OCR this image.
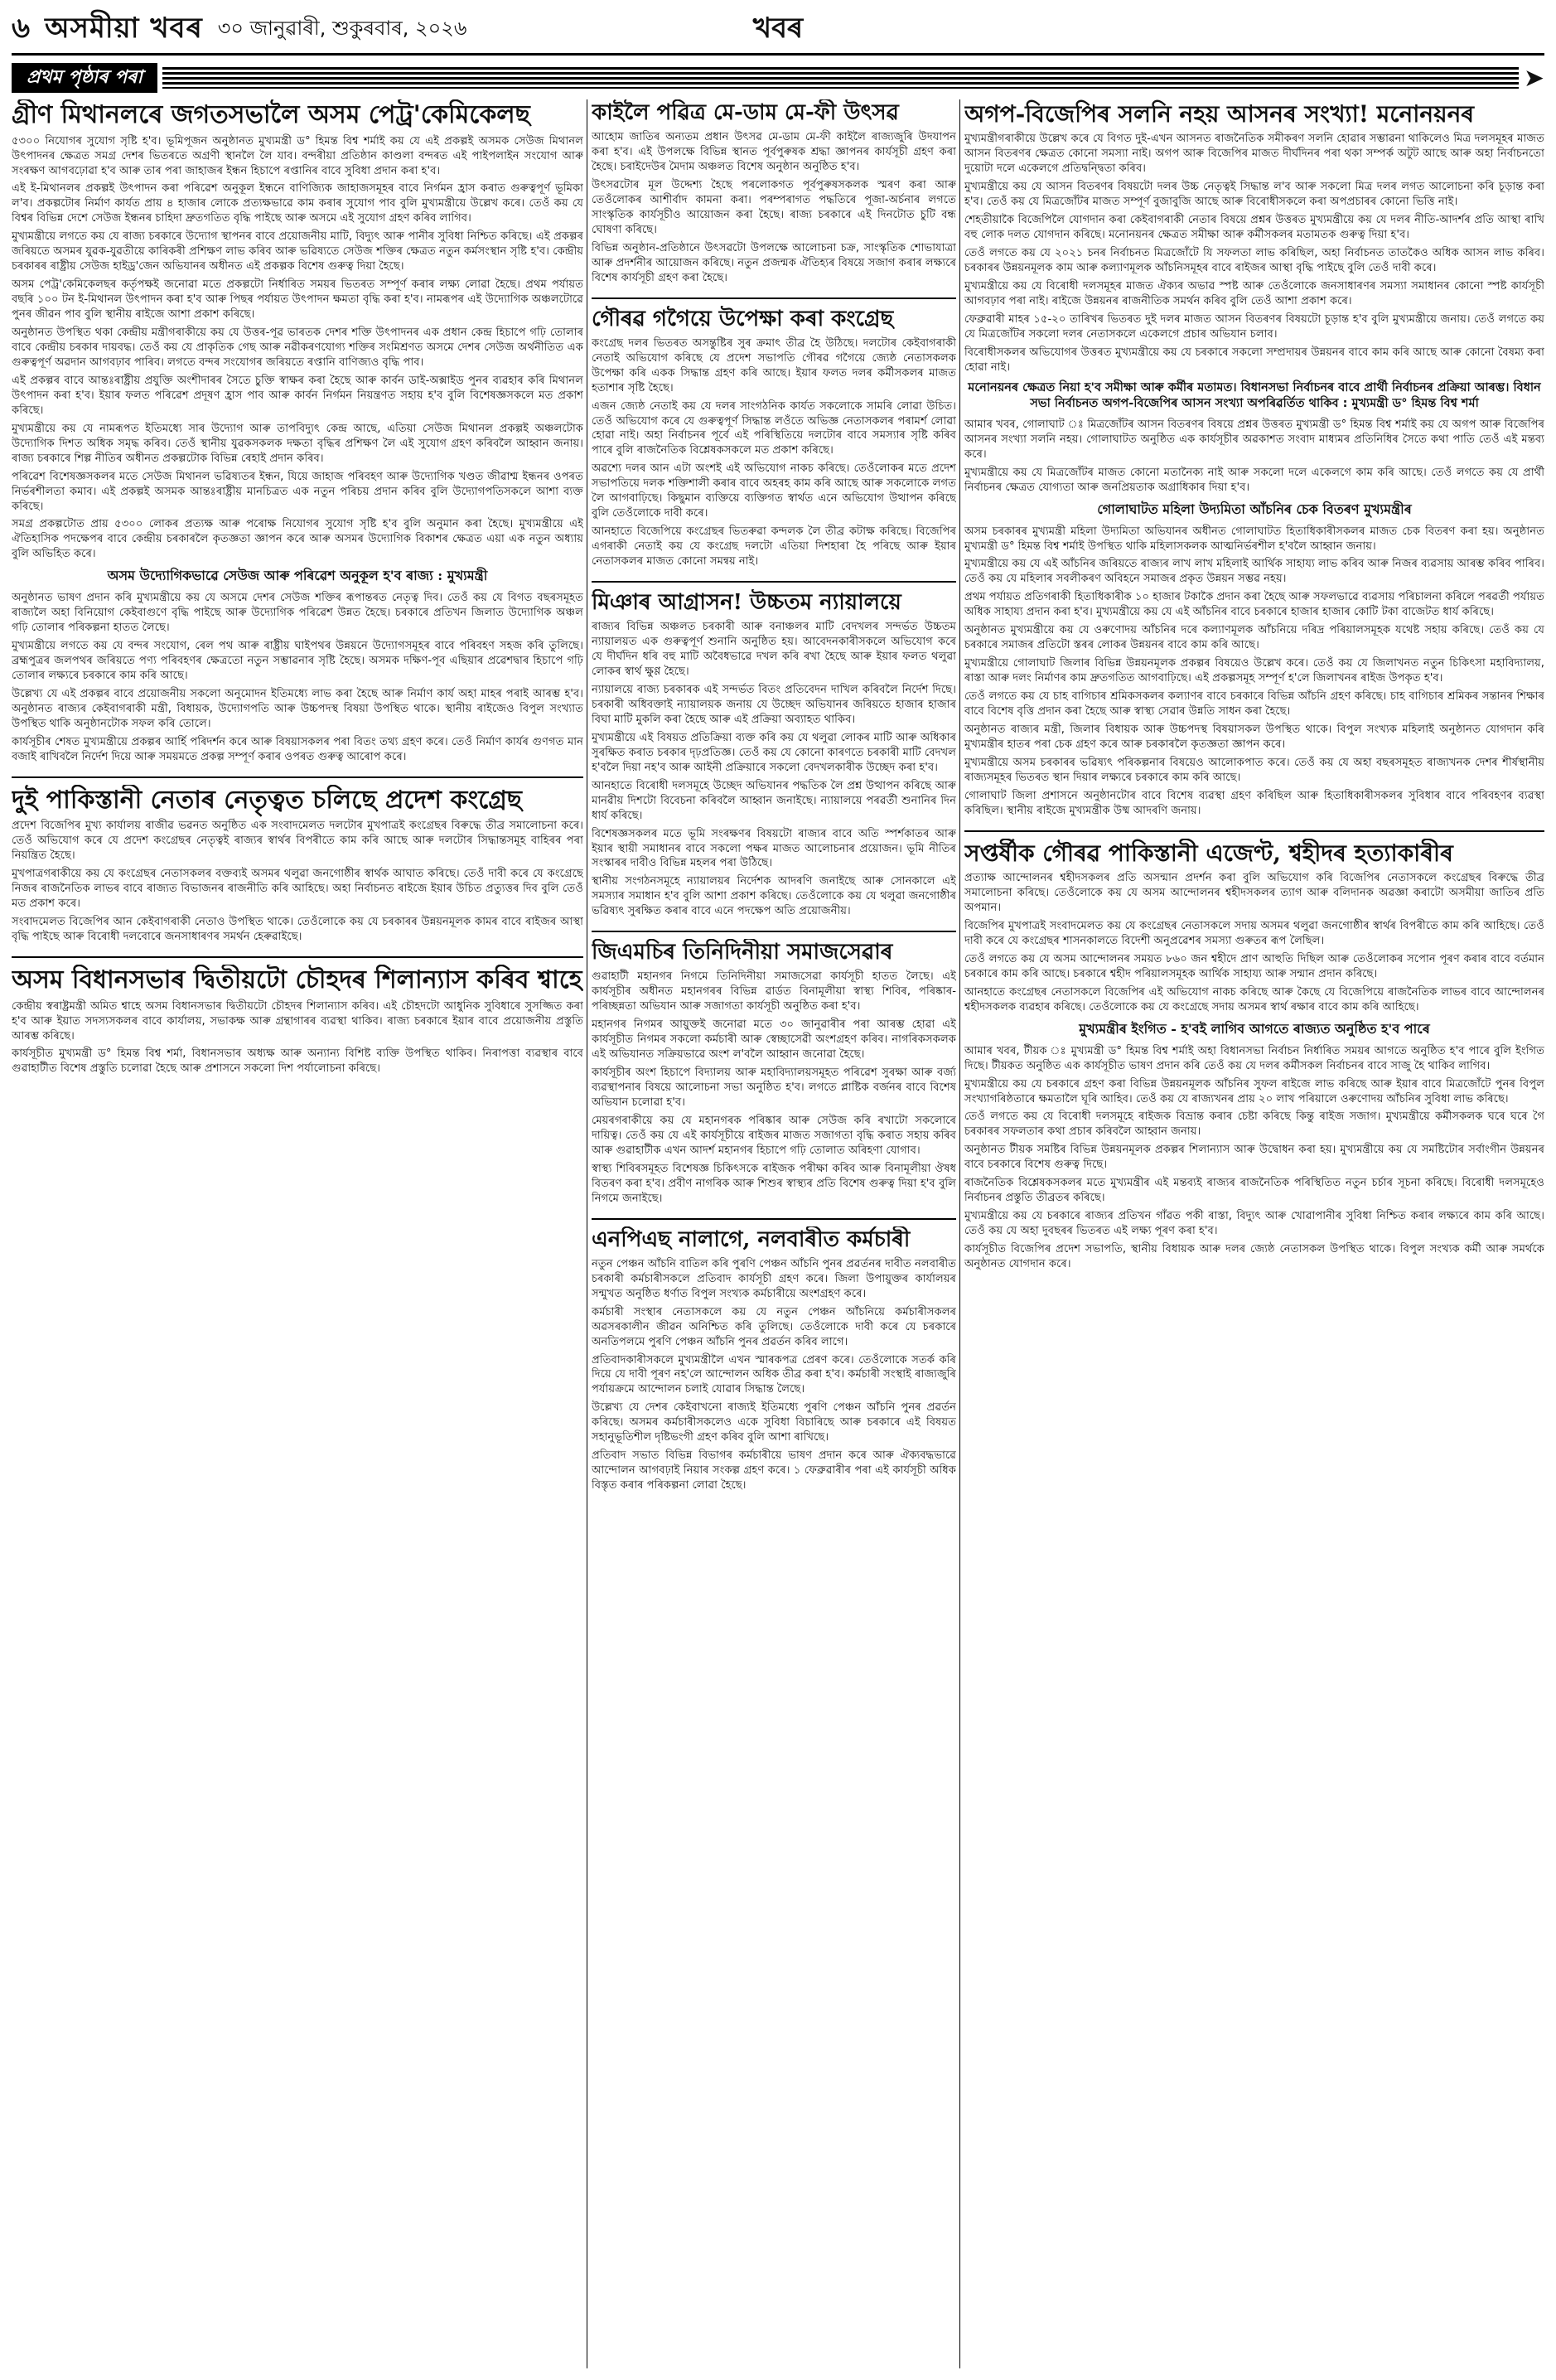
৬ অসমীয়া খবৰ ৩০ জানুৱাৰী, শুকুৰবাৰ, ২০২৬	খবৰ
প্ৰথম পৃষ্ঠাৰ পৰা	➤
গ্ৰীণ মিথানলৰে জগতসভালৈ অসম পেট্ৰ'কেমিকেলছ

৫৩০০ নিযোগৰ সুযোগ সৃষ্টি হ'ব। ভূমিপূজন অনুষ্ঠানত মুখ্যমন্ত্ৰী ড° হিমন্ত বিশ্ব শৰ্মাই কয় যে এই প্ৰকল্পই অসমক সেউজ মিথানল উৎপাদনৰ ক্ষেত্ৰত সমগ্ৰ দেশৰ ভিতৰতে অগ্ৰণী স্থানলৈ লৈ যাব। বন্দৰীয়া প্ৰতিষ্ঠান কাণ্ডলা বন্দৰত এই পাইপলাইন সংযোগ আৰু সংৰক্ষণ আগবঢ়োৱা হ'ব আৰু তাৰ পৰা জাহাজৰ ইন্ধন হিচাপে ৰপ্তানিৰ বাবে সুবিধা প্ৰদান কৰা হ'ব।

এই ই-মিথানলৰ প্ৰকল্পই উৎপাদন কৰা পৰিৱেশ অনুকূল ইন্ধনে বাণিজ্যিক জাহাজসমূহৰ বাবে নিৰ্গমন হ্ৰাস কৰাত গুৰুত্বপূৰ্ণ ভূমিকা ল'ব। প্ৰকল্পটোৰ নিৰ্মাণ কাৰ্যত প্ৰায় ৪ হাজাৰ লোকে প্ৰত্যক্ষভাৱে কাম কৰাৰ সুযোগ পাব বুলি মুখ্যমন্ত্ৰীয়ে উল্লেখ কৰে। তেওঁ কয় যে বিশ্বৰ বিভিন্ন দেশে সেউজ ইন্ধনৰ চাহিদা দ্ৰুতগতিত বৃদ্ধি পাইছে আৰু অসমে এই সুযোগ গ্ৰহণ কৰিব লাগিব।

মুখ্যমন্ত্ৰীয়ে লগতে কয় যে ৰাজ্য চৰকাৰে উদ্যোগ স্থাপনৰ বাবে প্ৰয়োজনীয় মাটি, বিদ্যুৎ আৰু পানীৰ সুবিধা নিশ্চিত কৰিছে। এই প্ৰকল্পৰ জৰিয়তে অসমৰ যুৱক-যুৱতীয়ে কাৰিকৰী প্ৰশিক্ষণ লাভ কৰিব আৰু ভৱিষ্যতে সেউজ শক্তিৰ ক্ষেত্ৰত নতুন কৰ্মসংস্থান সৃষ্টি হ'ব। কেন্দ্ৰীয় চৰকাৰৰ ৰাষ্ট্ৰীয় সেউজ হাইড্ৰ'জেন অভিযানৰ অধীনত এই প্ৰকল্পক বিশেষ গুৰুত্ব দিয়া হৈছে।

অসম পেট্ৰ'কেমিকেলছৰ কৰ্তৃপক্ষই জনোৱা মতে প্ৰকল্পটো নিৰ্ধাৰিত সময়ৰ ভিতৰত সম্পূৰ্ণ কৰাৰ লক্ষ্য লোৱা হৈছে। প্ৰথম পৰ্যায়ত বছৰি ১০০ টন ই-মিথানল উৎপাদন কৰা হ'ব আৰু পিছৰ পৰ্যায়ত উৎপাদন ক্ষমতা বৃদ্ধি কৰা হ'ব। নামৰূপৰ এই উদ্যোগিক অঞ্চলটোৱে পুনৰ জীৱন পাব বুলি স্থানীয় ৰাইজে আশা প্ৰকাশ কৰিছে।

অনুষ্ঠানত উপস্থিত থকা কেন্দ্ৰীয় মন্ত্ৰীগৰাকীয়ে কয় যে উত্তৰ-পূৱ ভাৰতক দেশৰ শক্তি উৎপাদনৰ এক প্ৰধান কেন্দ্ৰ হিচাপে গঢ়ি তোলাৰ বাবে কেন্দ্ৰীয় চৰকাৰ দায়বদ্ধ। তেওঁ কয় যে প্ৰাকৃতিক গেছ আৰু নৱীকৰণযোগ্য শক্তিৰ সংমিশ্ৰণত অসমে দেশৰ সেউজ অৰ্থনীতিত এক গুৰুত্বপূৰ্ণ অৱদান আগবঢ়াব পাৰিব। লগতে বন্দৰ সংযোগৰ জৰিয়তে ৰপ্তানি বাণিজ্যও বৃদ্ধি পাব।

এই প্ৰকল্পৰ বাবে আন্তঃৰাষ্ট্ৰীয় প্ৰযুক্তি অংশীদাৰৰ সৈতে চুক্তি স্বাক্ষৰ কৰা হৈছে আৰু কাৰ্বন ডাই-অক্সাইড পুনৰ ব্যৱহাৰ কৰি মিথানল উৎপাদন কৰা হ'ব। ইয়াৰ ফলত পৰিৱেশ প্ৰদূষণ হ্ৰাস পাব আৰু কাৰ্বন নিৰ্গমন নিয়ন্ত্ৰণত সহায় হ'ব বুলি বিশেষজ্ঞসকলে মত প্ৰকাশ কৰিছে।

মুখ্যমন্ত্ৰীয়ে কয় যে নামৰূপত ইতিমধ্যে সাৰ উদ্যোগ আৰু তাপবিদ্যুৎ কেন্দ্ৰ আছে, এতিয়া সেউজ মিথানল প্ৰকল্পই অঞ্চলটোক উদ্যোগিক দিশত অধিক সমৃদ্ধ কৰিব। তেওঁ স্থানীয় যুৱকসকলক দক্ষতা বৃদ্ধিৰ প্ৰশিক্ষণ লৈ এই সুযোগ গ্ৰহণ কৰিবলৈ আহ্বান জনায়। ৰাজ্য চৰকাৰে শিল্প নীতিৰ অধীনত প্ৰকল্পটোক বিভিন্ন ৰেহাই প্ৰদান কৰিব।

পৰিৱেশ বিশেষজ্ঞসকলৰ মতে সেউজ মিথানল ভৱিষ্যতৰ ইন্ধন, যিয়ে জাহাজ পৰিবহণ আৰু উদ্যোগিক খণ্ডত জীৱাশ্ম ইন্ধনৰ ওপৰত নিৰ্ভৰশীলতা কমাব। এই প্ৰকল্পই অসমক আন্তঃৰাষ্ট্ৰীয় মানচিত্ৰত এক নতুন পৰিচয় প্ৰদান কৰিব বুলি উদ্যোগপতিসকলে আশা ব্যক্ত কৰিছে।

সমগ্ৰ প্ৰকল্পটোত প্ৰায় ৫৩০০ লোকৰ প্ৰত্যক্ষ আৰু পৰোক্ষ নিযোগৰ সুযোগ সৃষ্টি হ'ব বুলি অনুমান কৰা হৈছে। মুখ্যমন্ত্ৰীয়ে এই ঐতিহাসিক পদক্ষেপৰ বাবে কেন্দ্ৰীয় চৰকাৰলৈ কৃতজ্ঞতা জ্ঞাপন কৰে আৰু অসমৰ উদ্যোগিক বিকাশৰ ক্ষেত্ৰত এয়া এক নতুন অধ্যায় বুলি অভিহিত কৰে।

অসম উদ্যোগিকভাৱে সেউজ আৰু পৰিৱেশ অনুকূল হ'ব ৰাজ্য : মুখ্যমন্ত্ৰী

অনুষ্ঠানত ভাষণ প্ৰদান কৰি মুখ্যমন্ত্ৰীয়ে কয় যে অসমে দেশৰ সেউজ শক্তিৰ ৰূপান্তৰত নেতৃত্ব দিব। তেওঁ কয় যে বিগত বছৰসমূহত ৰাজ্যলৈ অহা বিনিয়োগ কেইবাগুণে বৃদ্ধি পাইছে আৰু উদ্যোগিক পৰিৱেশ উন্নত হৈছে। চৰকাৰে প্ৰতিখন জিলাত উদ্যোগিক অঞ্চল গঢ়ি তোলাৰ পৰিকল্পনা হাতত লৈছে।

মুখ্যমন্ত্ৰীয়ে লগতে কয় যে বন্দৰ সংযোগ, ৰেল পথ আৰু ৰাষ্ট্ৰীয় ঘাইপথৰ উন্নয়নে উদ্যোগসমূহৰ বাবে পৰিবহণ সহজ কৰি তুলিছে। ব্ৰহ্মপুত্ৰৰ জলপথৰ জৰিয়তে পণ্য পৰিবহণৰ ক্ষেত্ৰতো নতুন সম্ভাৱনাৰ সৃষ্টি হৈছে। অসমক দক্ষিণ-পূব এছিয়াৰ প্ৰৱেশদ্বাৰ হিচাপে গঢ়ি তোলাৰ লক্ষ্যৰে চৰকাৰে কাম কৰি আছে।

উল্লেখ্য যে এই প্ৰকল্পৰ বাবে প্ৰয়োজনীয় সকলো অনুমোদন ইতিমধ্যে লাভ কৰা হৈছে আৰু নিৰ্মাণ কাৰ্য অহা মাহৰ পৰাই আৰম্ভ হ'ব। অনুষ্ঠানত ৰাজ্যৰ কেইবাগৰাকী মন্ত্ৰী, বিধায়ক, উদ্যোগপতি আৰু উচ্চপদস্থ বিষয়া উপস্থিত থাকে। স্থানীয় ৰাইজেও বিপুল সংখ্যাত উপস্থিত থাকি অনুষ্ঠানটোক সফল কৰি তোলে।

কাৰ্যসূচীৰ শেষত মুখ্যমন্ত্ৰীয়ে প্ৰকল্পৰ আৰ্হি পৰিদৰ্শন কৰে আৰু বিষয়াসকলৰ পৰা বিতং তথ্য গ্ৰহণ কৰে। তেওঁ নিৰ্মাণ কাৰ্যৰ গুণগত মান বজাই ৰাখিবলৈ নিৰ্দেশ দিয়ে আৰু সময়মতে প্ৰকল্প সম্পূৰ্ণ কৰাৰ ওপৰত গুৰুত্ব আৰোপ কৰে।

দুই পাকিস্তানী নেতাৰ নেতৃত্বত চলিছে প্ৰদেশ কংগ্ৰেছ

প্ৰদেশ বিজেপিৰ মুখ্য কাৰ্যালয় ৰাজীৱ ভৱনত অনুষ্ঠিত এক সংবাদমেলত দলটোৰ মুখপাত্ৰই কংগ্ৰেছৰ বিৰুদ্ধে তীব্ৰ সমালোচনা কৰে। তেওঁ অভিযোগ কৰে যে প্ৰদেশ কংগ্ৰেছৰ নেতৃত্বই ৰাজ্যৰ স্বাৰ্থৰ বিপৰীতে কাম কৰি আছে আৰু দলটোৰ সিদ্ধান্তসমূহ বাহিৰৰ পৰা নিয়ন্ত্ৰিত হৈছে।

মুখপাত্ৰগৰাকীয়ে কয় যে কংগ্ৰেছৰ নেতাসকলৰ বক্তব্যই অসমৰ থলুৱা জনগোষ্ঠীৰ স্বাৰ্থক আঘাত কৰিছে। তেওঁ দাবী কৰে যে কংগ্ৰেছে নিজৰ ৰাজনৈতিক লাভৰ বাবে ৰাজ্যত বিভাজনৰ ৰাজনীতি কৰি আহিছে। অহা নিৰ্বাচনত ৰাইজে ইয়াৰ উচিত প্ৰত্যুত্তৰ দিব বুলি তেওঁ মত প্ৰকাশ কৰে।

সংবাদমেলত বিজেপিৰ আন কেইবাগৰাকী নেতাও উপস্থিত থাকে। তেওঁলোকে কয় যে চৰকাৰৰ উন্নয়নমূলক কামৰ বাবে ৰাইজৰ আস্থা বৃদ্ধি পাইছে আৰু বিৰোধী দলবোৰে জনসাধাৰণৰ সমৰ্থন হেৰুৱাইছে।

অসম বিধানসভাৰ দ্বিতীয়টো চৌহদৰ শিলান্যাস কৰিব শ্বাহে

কেন্দ্ৰীয় স্বৰাষ্ট্ৰমন্ত্ৰী অমিত শ্বাহে অসম বিধানসভাৰ দ্বিতীয়টো চৌহদৰ শিলান্যাস কৰিব। এই চৌহদটো আধুনিক সুবিধাৰে সুসজ্জিত কৰা হ'ব আৰু ইয়াত সদস্যসকলৰ বাবে কাৰ্যালয়, সভাকক্ষ আৰু গ্ৰন্থাগাৰৰ ব্যৱস্থা থাকিব। ৰাজ্য চৰকাৰে ইয়াৰ বাবে প্ৰয়োজনীয় প্ৰস্তুতি আৰম্ভ কৰিছে।

কাৰ্যসূচীত মুখ্যমন্ত্ৰী ড° হিমন্ত বিশ্ব শৰ্মা, বিধানসভাৰ অধ্যক্ষ আৰু অন্যান্য বিশিষ্ট ব্যক্তি উপস্থিত থাকিব। নিৰাপত্তা ব্যৱস্থাৰ বাবে গুৱাহাটীত বিশেষ প্ৰস্তুতি চলোৱা হৈছে আৰু প্ৰশাসনে সকলো দিশ পৰ্যালোচনা কৰিছে।

কাইলৈ পৱিত্ৰ মে-ডাম মে-ফী উৎসৱ

আহোম জাতিৰ অন্যতম প্ৰধান উৎসৱ মে-ডাম মে-ফী কাইলৈ ৰাজ্যজুৰি উদযাপন কৰা হ'ব। এই উপলক্ষে বিভিন্ন স্থানত পূৰ্বপুৰুষক শ্ৰদ্ধা জ্ঞাপনৰ কাৰ্যসূচী গ্ৰহণ কৰা হৈছে। চৰাইদেউৰ মৈদাম অঞ্চলত বিশেষ অনুষ্ঠান অনুষ্ঠিত হ'ব।

উৎসৱটোৰ মূল উদ্দেশ্য হৈছে পৰলোকগত পূৰ্বপুৰুষসকলক স্মৰণ কৰা আৰু তেওঁলোকৰ আশীৰ্বাদ কামনা কৰা। পৰম্পৰাগত পদ্ধতিৰে পূজা-অৰ্চনাৰ লগতে সাংস্কৃতিক কাৰ্যসূচীও আয়োজন কৰা হৈছে। ৰাজ্য চৰকাৰে এই দিনটোত চুটি বন্ধ ঘোষণা কৰিছে।

বিভিন্ন অনুষ্ঠান-প্ৰতিষ্ঠানে উৎসৱটো উপলক্ষে আলোচনা চক্ৰ, সাংস্কৃতিক শোভাযাত্ৰা আৰু প্ৰদৰ্শনীৰ আয়োজন কৰিছে। নতুন প্ৰজন্মক ঐতিহ্যৰ বিষয়ে সজাগ কৰাৰ লক্ষ্যৰে বিশেষ কাৰ্যসূচী গ্ৰহণ কৰা হৈছে।

গৌৰৱ গগৈয়ে উপেক্ষা কৰা কংগ্ৰেছ

কংগ্ৰেছ দলৰ ভিতৰত অসন্তুষ্টিৰ সুৰ ক্ৰমাৎ তীব্ৰ হৈ উঠিছে। দলটোৰ কেইবাগৰাকী নেতাই অভিযোগ কৰিছে যে প্ৰদেশ সভাপতি গৌৰৱ গগৈয়ে জ্যেষ্ঠ নেতাসকলক উপেক্ষা কৰি একক সিদ্ধান্ত গ্ৰহণ কৰি আছে। ইয়াৰ ফলত দলৰ কৰ্মীসকলৰ মাজত হতাশাৰ সৃষ্টি হৈছে।

এজন জ্যেষ্ঠ নেতাই কয় যে দলৰ সাংগঠনিক কাৰ্যত সকলোকে সামৰি লোৱা উচিত। তেওঁ অভিযোগ কৰে যে গুৰুত্বপূৰ্ণ সিদ্ধান্ত লওঁতে অভিজ্ঞ নেতাসকলৰ পৰামৰ্শ লোৱা হোৱা নাই। অহা নিৰ্বাচনৰ পূৰ্বে এই পৰিস্থিতিয়ে দলটোৰ বাবে সমস্যাৰ সৃষ্টি কৰিব পাৰে বুলি ৰাজনৈতিক বিশ্লেষকসকলে মত প্ৰকাশ কৰিছে।

অৱশ্যে দলৰ আন এটা অংশই এই অভিযোগ নাকচ কৰিছে। তেওঁলোকৰ মতে প্ৰদেশ সভাপতিয়ে দলক শক্তিশালী কৰাৰ বাবে অহৰহ কাম কৰি আছে আৰু সকলোকে লগত লৈ আগবাঢ়িছে। কিছুমান ব্যক্তিয়ে ব্যক্তিগত স্বাৰ্থত এনে অভিযোগ উত্থাপন কৰিছে বুলি তেওঁলোকে দাবী কৰে।

আনহাতে বিজেপিয়ে কংগ্ৰেছৰ ভিতৰুৱা কন্দলক লৈ তীব্ৰ কটাক্ষ কৰিছে। বিজেপিৰ এগৰাকী নেতাই কয় যে কংগ্ৰেছ দলটো এতিয়া দিশহাৰা হৈ পৰিছে আৰু ইয়াৰ নেতাসকলৰ মাজত কোনো সমন্বয় নাই।

মিঞাৰ আগ্ৰাসন! উচ্চতম ন্যায়ালয়ে

ৰাজ্যৰ বিভিন্ন অঞ্চলত চৰকাৰী আৰু বনাঞ্চলৰ মাটি বেদখলৰ সন্দৰ্ভত উচ্চতম ন্যায়ালয়ত এক গুৰুত্বপূৰ্ণ শুনানি অনুষ্ঠিত হয়। আবেদনকাৰীসকলে অভিযোগ কৰে যে দীৰ্ঘদিন ধৰি বহু মাটি অবৈধভাৱে দখল কৰি ৰখা হৈছে আৰু ইয়াৰ ফলত থলুৱা লোকৰ স্বাৰ্থ ক্ষুণ্ণ হৈছে।

ন্যায়ালয়ে ৰাজ্য চৰকাৰক এই সন্দৰ্ভত বিতং প্ৰতিবেদন দাখিল কৰিবলৈ নিৰ্দেশ দিছে। চৰকাৰী অধিবক্তাই ন্যায়ালয়ক জনায় যে উচ্ছেদ অভিযানৰ জৰিয়তে হাজাৰ হাজাৰ বিঘা মাটি মুকলি কৰা হৈছে আৰু এই প্ৰক্ৰিয়া অব্যাহত থাকিব।

মুখ্যমন্ত্ৰীয়ে এই বিষয়ত প্ৰতিক্ৰিয়া ব্যক্ত কৰি কয় যে থলুৱা লোকৰ মাটি আৰু অধিকাৰ সুৰক্ষিত কৰাত চৰকাৰ দৃঢ়প্ৰতিজ্ঞ। তেওঁ কয় যে কোনো কাৰণতে চৰকাৰী মাটি বেদখল হ'বলৈ দিয়া নহ'ব আৰু আইনী প্ৰক্ৰিয়াৰে সকলো বেদখলকাৰীক উচ্ছেদ কৰা হ'ব।

আনহাতে বিৰোধী দলসমূহে উচ্ছেদ অভিযানৰ পদ্ধতিক লৈ প্ৰশ্ন উত্থাপন কৰিছে আৰু মানৱীয় দিশটো বিবেচনা কৰিবলৈ আহ্বান জনাইছে। ন্যায়ালয়ে পৰৱৰ্তী শুনানিৰ দিন ধাৰ্য কৰিছে।

বিশেষজ্ঞসকলৰ মতে ভূমি সংৰক্ষণৰ বিষয়টো ৰাজ্যৰ বাবে অতি স্পৰ্শকাতৰ আৰু ইয়াৰ স্থায়ী সমাধানৰ বাবে সকলো পক্ষৰ মাজত আলোচনাৰ প্ৰয়োজন। ভূমি নীতিৰ সংস্কাৰৰ দাবীও বিভিন্ন মহলৰ পৰা উঠিছে।

স্থানীয় সংগঠনসমূহে ন্যায়ালয়ৰ নিৰ্দেশক আদৰণি জনাইছে আৰু সোনকালে এই সমস্যাৰ সমাধান হ'ব বুলি আশা প্ৰকাশ কৰিছে। তেওঁলোকে কয় যে থলুৱা জনগোষ্ঠীৰ ভৱিষ্যৎ সুৰক্ষিত কৰাৰ বাবে এনে পদক্ষেপ অতি প্ৰয়োজনীয়।

জিএমচিৰ তিনিদিনীয়া সমাজসেৱাৰ

গুৱাহাটী মহানগৰ নিগমে তিনিদিনীয়া সমাজসেৱা কাৰ্যসূচী হাতত লৈছে। এই কাৰ্যসূচীৰ অধীনত মহানগৰৰ বিভিন্ন ৱাৰ্ডত বিনামূলীয়া স্বাস্থ্য শিবিৰ, পৰিষ্কাৰ-পৰিচ্ছন্নতা অভিযান আৰু সজাগতা কাৰ্যসূচী অনুষ্ঠিত কৰা হ'ব।

মহানগৰ নিগমৰ আয়ুক্তই জনোৱা মতে ৩০ জানুৱাৰীৰ পৰা আৰম্ভ হোৱা এই কাৰ্যসূচীত নিগমৰ সকলো কৰ্মচাৰী আৰু স্বেচ্ছাসেৱী অংশগ্ৰহণ কৰিব। নাগৰিকসকলক এই অভিযানত সক্ৰিয়ভাৱে অংশ ল'বলৈ আহ্বান জনোৱা হৈছে।

কাৰ্যসূচীৰ অংশ হিচাপে বিদ্যালয় আৰু মহাবিদ্যালয়সমূহত পৰিৱেশ সুৰক্ষা আৰু বৰ্জ্য ব্যৱস্থাপনাৰ বিষয়ে আলোচনা সভা অনুষ্ঠিত হ'ব। লগতে প্লাষ্টিক বৰ্জনৰ বাবে বিশেষ অভিযান চলোৱা হ'ব।

মেয়ৰগৰাকীয়ে কয় যে মহানগৰক পৰিষ্কাৰ আৰু সেউজ কৰি ৰখাটো সকলোৰে দায়িত্ব। তেওঁ কয় যে এই কাৰ্যসূচীয়ে ৰাইজৰ মাজত সজাগতা বৃদ্ধি কৰাত সহায় কৰিব আৰু গুৱাহাটীক এখন আদৰ্শ মহানগৰ হিচাপে গঢ়ি তোলাত অৰিহণা যোগাব।

স্বাস্থ্য শিবিৰসমূহত বিশেষজ্ঞ চিকিৎসকে ৰাইজক পৰীক্ষা কৰিব আৰু বিনামূলীয়া ঔষধ বিতৰণ কৰা হ'ব। প্ৰবীণ নাগৰিক আৰু শিশুৰ স্বাস্থ্যৰ প্ৰতি বিশেষ গুৰুত্ব দিয়া হ'ব বুলি নিগমে জনাইছে।

এনপিএছ নালাগে, নলবাৰীত কৰ্মচাৰী

নতুন পেঞ্চন আঁচনি বাতিল কৰি পুৰণি পেঞ্চন আঁচনি পুনৰ প্ৰৱৰ্তনৰ দাবীত নলবাৰীত চৰকাৰী কৰ্মচাৰীসকলে প্ৰতিবাদ কাৰ্যসূচী গ্ৰহণ কৰে। জিলা উপায়ুক্তৰ কাৰ্যালয়ৰ সন্মুখত অনুষ্ঠিত ধৰ্ণাত বিপুল সংখ্যক কৰ্মচাৰীয়ে অংশগ্ৰহণ কৰে।

কৰ্মচাৰী সংস্থাৰ নেতাসকলে কয় যে নতুন পেঞ্চন আঁচনিয়ে কৰ্মচাৰীসকলৰ অৱসৰকালীন জীৱন অনিশ্চিত কৰি তুলিছে। তেওঁলোকে দাবী কৰে যে চৰকাৰে অনতিপলমে পুৰণি পেঞ্চন আঁচনি পুনৰ প্ৰৱৰ্তন কৰিব লাগে।

প্ৰতিবাদকাৰীসকলে মুখ্যমন্ত্ৰীলৈ এখন স্মাৰকপত্ৰ প্ৰেৰণ কৰে। তেওঁলোকে সতৰ্ক কৰি দিয়ে যে দাবী পূৰণ নহ'লে আন্দোলন অধিক তীব্ৰ কৰা হ'ব। কৰ্মচাৰী সংস্থাই ৰাজ্যজুৰি পৰ্যায়ক্ৰমে আন্দোলন চলাই যোৱাৰ সিদ্ধান্ত লৈছে।

উল্লেখ্য যে দেশৰ কেইবাখনো ৰাজ্যই ইতিমধ্যে পুৰণি পেঞ্চন আঁচনি পুনৰ প্ৰৱৰ্তন কৰিছে। অসমৰ কৰ্মচাৰীসকলেও একে সুবিধা বিচাৰিছে আৰু চৰকাৰে এই বিষয়ত সহানুভূতিশীল দৃষ্টিভংগী গ্ৰহণ কৰিব বুলি আশা ৰাখিছে।

প্ৰতিবাদ সভাত বিভিন্ন বিভাগৰ কৰ্মচাৰীয়ে ভাষণ প্ৰদান কৰে আৰু ঐক্যবদ্ধভাৱে আন্দোলন আগবঢ়াই নিয়াৰ সংকল্প গ্ৰহণ কৰে। ১ ফেব্ৰুৱাৰীৰ পৰা এই কাৰ্যসূচী অধিক বিস্তৃত কৰাৰ পৰিকল্পনা লোৱা হৈছে।

অগপ-বিজেপিৰ সলনি নহয় আসনৰ সংখ্যা! মনোনয়নৰ

মুখ্যমন্ত্ৰীগৰাকীয়ে উল্লেখ কৰে যে বিগত দুই-এখন আসনত ৰাজনৈতিক সমীকৰণ সলনি হোৱাৰ সম্ভাৱনা থাকিলেও মিত্ৰ দলসমূহৰ মাজত আসন বিতৰণৰ ক্ষেত্ৰত কোনো সমস্যা নাই। অগপ আৰু বিজেপিৰ মাজত দীৰ্ঘদিনৰ পৰা থকা সম্পৰ্ক অটুট আছে আৰু অহা নিৰ্বাচনতো দুয়োটা দলে একেলগে প্ৰতিদ্বন্দ্বিতা কৰিব।

মুখ্যমন্ত্ৰীয়ে কয় যে আসন বিতৰণৰ বিষয়টো দলৰ উচ্চ নেতৃত্বই সিদ্ধান্ত ল'ব আৰু সকলো মিত্ৰ দলৰ লগত আলোচনা কৰি চূড়ান্ত কৰা হ'ব। তেওঁ কয় যে মিত্ৰজোঁটৰ মাজত সম্পূৰ্ণ বুজাবুজি আছে আৰু বিৰোধীসকলে কৰা অপপ্ৰচাৰৰ কোনো ভিত্তি নাই।

শেহতীয়াকৈ বিজেপিলৈ যোগদান কৰা কেইবাগৰাকী নেতাৰ বিষয়ে প্ৰশ্নৰ উত্তৰত মুখ্যমন্ত্ৰীয়ে কয় যে দলৰ নীতি-আদৰ্শৰ প্ৰতি আস্থা ৰাখি বহু লোক দলত যোগদান কৰিছে। মনোনয়নৰ ক্ষেত্ৰত সমীক্ষা আৰু কৰ্মীসকলৰ মতামতক গুৰুত্ব দিয়া হ'ব।

তেওঁ লগতে কয় যে ২০২১ চনৰ নিৰ্বাচনত মিত্ৰজোঁটে যি সফলতা লাভ কৰিছিল, অহা নিৰ্বাচনত তাতকৈও অধিক আসন লাভ কৰিব। চৰকাৰৰ উন্নয়নমূলক কাম আৰু কল্যাণমূলক আঁচনিসমূহৰ বাবে ৰাইজৰ আস্থা বৃদ্ধি পাইছে বুলি তেওঁ দাবী কৰে।

মুখ্যমন্ত্ৰীয়ে কয় যে বিৰোধী দলসমূহৰ মাজত ঐক্যৰ অভাৱ স্পষ্ট আৰু তেওঁলোকে জনসাধাৰণৰ সমস্যা সমাধানৰ কোনো স্পষ্ট কাৰ্যসূচী আগবঢ়াব পৰা নাই। ৰাইজে উন্নয়নৰ ৰাজনীতিক সমৰ্থন কৰিব বুলি তেওঁ আশা প্ৰকাশ কৰে।

ফেব্ৰুৱাৰী মাহৰ ১৫-২০ তাৰিখৰ ভিতৰত দুই দলৰ মাজত আসন বিতৰণৰ বিষয়টো চূড়ান্ত হ'ব বুলি মুখ্যমন্ত্ৰীয়ে জনায়। তেওঁ লগতে কয় যে মিত্ৰজোঁটৰ সকলো দলৰ নেতাসকলে একেলগে প্ৰচাৰ অভিযান চলাব।

বিৰোধীসকলৰ অভিযোগৰ উত্তৰত মুখ্যমন্ত্ৰীয়ে কয় যে চৰকাৰে সকলো সম্প্ৰদায়ৰ উন্নয়নৰ বাবে কাম কৰি আছে আৰু কোনো বৈষম্য কৰা হোৱা নাই।

মনোনয়নৰ ক্ষেত্ৰত নিয়া হ'ব সমীক্ষা আৰু কৰ্মীৰ মতামত। বিধানসভা নিৰ্বাচনৰ বাবে প্ৰাৰ্থী নিৰ্বাচনৰ প্ৰক্ৰিয়া আৰম্ভ। বিধান সভা নিৰ্বাচনত অগপ-বিজেপিৰ আসন সংখ্যা অপৰিৱৰ্তিত থাকিব : মুখ্যমন্ত্ৰী ড° হিমন্ত বিশ্ব শৰ্মা

আমাৰ খবৰ, গোলাঘাট ঃ মিত্ৰজোঁটৰ আসন বিতৰণৰ বিষয়ে প্ৰশ্নৰ উত্তৰত মুখ্যমন্ত্ৰী ড° হিমন্ত বিশ্ব শৰ্মাই কয় যে অগপ আৰু বিজেপিৰ আসনৰ সংখ্যা সলনি নহয়। গোলাঘাটত অনুষ্ঠিত এক কাৰ্যসূচীৰ অৱকাশত সংবাদ মাধ্যমৰ প্ৰতিনিধিৰ সৈতে কথা পাতি তেওঁ এই মন্তব্য কৰে।

মুখ্যমন্ত্ৰীয়ে কয় যে মিত্ৰজোঁটৰ মাজত কোনো মতানৈক্য নাই আৰু সকলো দলে একেলগে কাম কৰি আছে। তেওঁ লগতে কয় যে প্ৰাৰ্থী নিৰ্বাচনৰ ক্ষেত্ৰত যোগ্যতা আৰু জনপ্ৰিয়তাক অগ্ৰাধিকাৰ দিয়া হ'ব।

গোলাঘাটত মহিলা উদ্যমিতা আঁচনিৰ চেক বিতৰণ মুখ্যমন্ত্ৰীৰ

অসম চৰকাৰৰ মুখ্যমন্ত্ৰী মহিলা উদ্যমিতা অভিযানৰ অধীনত গোলাঘাটত হিতাধিকাৰীসকলৰ মাজত চেক বিতৰণ কৰা হয়। অনুষ্ঠানত মুখ্যমন্ত্ৰী ড° হিমন্ত বিশ্ব শৰ্মাই উপস্থিত থাকি মহিলাসকলক আত্মনিৰ্ভৰশীল হ'বলৈ আহ্বান জনায়।

মুখ্যমন্ত্ৰীয়ে কয় যে এই আঁচনিৰ জৰিয়তে ৰাজ্যৰ লাখ লাখ মহিলাই আৰ্থিক সাহায্য লাভ কৰিব আৰু নিজৰ ব্যৱসায় আৰম্ভ কৰিব পাৰিব। তেওঁ কয় যে মহিলাৰ সবলীকৰণ অবিহনে সমাজৰ প্ৰকৃত উন্নয়ন সম্ভৱ নহয়।

প্ৰথম পৰ্যায়ত প্ৰতিগৰাকী হিতাধিকাৰীক ১০ হাজাৰ টকাকৈ প্ৰদান কৰা হৈছে আৰু সফলভাৱে ব্যৱসায় পৰিচালনা কৰিলে পৰৱৰ্তী পৰ্যায়ত অধিক সাহায্য প্ৰদান কৰা হ'ব। মুখ্যমন্ত্ৰীয়ে কয় যে এই আঁচনিৰ বাবে চৰকাৰে হাজাৰ হাজাৰ কোটি টকা বাজেটত ধাৰ্য কৰিছে।

অনুষ্ঠানত মুখ্যমন্ত্ৰীয়ে কয় যে ওৰুণোদয় আঁচনিৰ দৰে কল্যাণমূলক আঁচনিয়ে দৰিদ্ৰ পৰিয়ালসমূহক যথেষ্ট সহায় কৰিছে। তেওঁ কয় যে চৰকাৰে সমাজৰ প্ৰতিটো স্তৰৰ লোকৰ উন্নয়নৰ বাবে কাম কৰি আছে।

মুখ্যমন্ত্ৰীয়ে গোলাঘাট জিলাৰ বিভিন্ন উন্নয়নমূলক প্ৰকল্পৰ বিষয়েও উল্লেখ কৰে। তেওঁ কয় যে জিলাখনত নতুন চিকিৎসা মহাবিদ্যালয়, ৰাস্তা আৰু দলং নিৰ্মাণৰ কাম দ্ৰুতগতিত আগবাঢ়িছে। এই প্ৰকল্পসমূহ সম্পূৰ্ণ হ'লে জিলাখনৰ ৰাইজ উপকৃত হ'ব।

তেওঁ লগতে কয় যে চাহ বাগিচাৰ শ্ৰমিকসকলৰ কল্যাণৰ বাবে চৰকাৰে বিভিন্ন আঁচনি গ্ৰহণ কৰিছে। চাহ বাগিচাৰ শ্ৰমিকৰ সন্তানৰ শিক্ষাৰ বাবে বিশেষ বৃত্তি প্ৰদান কৰা হৈছে আৰু স্বাস্থ্য সেৱাৰ উন্নতি সাধন কৰা হৈছে।

অনুষ্ঠানত ৰাজ্যৰ মন্ত্ৰী, জিলাৰ বিধায়ক আৰু উচ্চপদস্থ বিষয়াসকল উপস্থিত থাকে। বিপুল সংখ্যক মহিলাই অনুষ্ঠানত যোগদান কৰি মুখ্যমন্ত্ৰীৰ হাতৰ পৰা চেক গ্ৰহণ কৰে আৰু চৰকাৰলৈ কৃতজ্ঞতা জ্ঞাপন কৰে।

মুখ্যমন্ত্ৰীয়ে অসম চৰকাৰৰ ভৱিষ্যৎ পৰিকল্পনাৰ বিষয়েও আলোকপাত কৰে। তেওঁ কয় যে অহা বছৰসমূহত ৰাজ্যখনক দেশৰ শীৰ্ষস্থানীয় ৰাজ্যসমূহৰ ভিতৰত স্থান দিয়াৰ লক্ষ্যৰে চৰকাৰে কাম কৰি আছে।

গোলাঘাট জিলা প্ৰশাসনে অনুষ্ঠানটোৰ বাবে বিশেষ ব্যৱস্থা গ্ৰহণ কৰিছিল আৰু হিতাধিকাৰীসকলৰ সুবিধাৰ বাবে পৰিবহণৰ ব্যৱস্থা কৰিছিল। স্থানীয় ৰাইজে মুখ্যমন্ত্ৰীক উষ্ম আদৰণি জনায়।

সপ্তৰ্ষীক গৌৰৱ পাকিস্তানী এজেণ্ট, শ্বহীদৰ হত্যাকাৰীৰ

প্ৰত্যাক্ষ আন্দোলনৰ শ্বহীদসকলৰ প্ৰতি অসন্মান প্ৰদৰ্শন কৰা বুলি অভিযোগ কৰি বিজেপিৰ নেতাসকলে কংগ্ৰেছৰ বিৰুদ্ধে তীব্ৰ সমালোচনা কৰিছে। তেওঁলোকে কয় যে অসম আন্দোলনৰ শ্বহীদসকলৰ ত্যাগ আৰু বলিদানক অৱজ্ঞা কৰাটো অসমীয়া জাতিৰ প্ৰতি অপমান।

বিজেপিৰ মুখপাত্ৰই সংবাদমেলত কয় যে কংগ্ৰেছৰ নেতাসকলে সদায় অসমৰ থলুৱা জনগোষ্ঠীৰ স্বাৰ্থৰ বিপৰীতে কাম কৰি আহিছে। তেওঁ দাবী কৰে যে কংগ্ৰেছৰ শাসনকালতে বিদেশী অনুপ্ৰৱেশৰ সমস্যা গুৰুতৰ ৰূপ লৈছিল।

তেওঁ লগতে কয় যে অসম আন্দোলনৰ সময়ত ৮৬০ জন শ্বহীদে প্ৰাণ আহুতি দিছিল আৰু তেওঁলোকৰ সপোন পূৰণ কৰাৰ বাবে বৰ্তমান চৰকাৰে কাম কৰি আছে। চৰকাৰে শ্বহীদ পৰিয়ালসমূহক আৰ্থিক সাহায্য আৰু সন্মান প্ৰদান কৰিছে।

আনহাতে কংগ্ৰেছৰ নেতাসকলে বিজেপিৰ এই অভিযোগ নাকচ কৰিছে আৰু কৈছে যে বিজেপিয়ে ৰাজনৈতিক লাভৰ বাবে আন্দোলনৰ শ্বহীদসকলক ব্যৱহাৰ কৰিছে। তেওঁলোকে কয় যে কংগ্ৰেছে সদায় অসমৰ স্বাৰ্থ ৰক্ষাৰ বাবে কাম কৰি আহিছে।

মুখ্যমন্ত্ৰীৰ ইংগিত - হ'বই লাগিব আগতে ৰাজ্যত অনুষ্ঠিত হ'ব পাৰে

আমাৰ খবৰ, টীয়ক ঃ মুখ্যমন্ত্ৰী ড° হিমন্ত বিশ্ব শৰ্মাই অহা বিধানসভা নিৰ্বাচন নিৰ্ধাৰিত সময়ৰ আগতে অনুষ্ঠিত হ'ব পাৰে বুলি ইংগিত দিছে। টীয়কত অনুষ্ঠিত এক কাৰ্যসূচীত ভাষণ প্ৰদান কৰি তেওঁ কয় যে দলৰ কৰ্মীসকল নিৰ্বাচনৰ বাবে সাজু হৈ থাকিব লাগিব।

মুখ্যমন্ত্ৰীয়ে কয় যে চৰকাৰে গ্ৰহণ কৰা বিভিন্ন উন্নয়নমূলক আঁচনিৰ সুফল ৰাইজে লাভ কৰিছে আৰু ইয়াৰ বাবে মিত্ৰজোঁটে পুনৰ বিপুল সংখ্যাগৰিষ্ঠতাৰে ক্ষমতালৈ ঘূৰি আহিব। তেওঁ কয় যে ৰাজ্যখনৰ প্ৰায় ২০ লাখ পৰিয়ালে ওৰুণোদয় আঁচনিৰ সুবিধা লাভ কৰিছে।

তেওঁ লগতে কয় যে বিৰোধী দলসমূহে ৰাইজক বিভ্ৰান্ত কৰাৰ চেষ্টা কৰিছে কিন্তু ৰাইজ সজাগ। মুখ্যমন্ত্ৰীয়ে কৰ্মীসকলক ঘৰে ঘৰে গৈ চৰকাৰৰ সফলতাৰ কথা প্ৰচাৰ কৰিবলৈ আহ্বান জনায়।

অনুষ্ঠানত টীয়ক সমষ্টিৰ বিভিন্ন উন্নয়নমূলক প্ৰকল্পৰ শিলান্যাস আৰু উদ্বোধন কৰা হয়। মুখ্যমন্ত্ৰীয়ে কয় যে সমষ্টিটোৰ সৰ্বাংগীন উন্নয়নৰ বাবে চৰকাৰে বিশেষ গুৰুত্ব দিছে।

ৰাজনৈতিক বিশ্লেষকসকলৰ মতে মুখ্যমন্ত্ৰীৰ এই মন্তব্যই ৰাজ্যৰ ৰাজনৈতিক পৰিস্থিতিত নতুন চৰ্চাৰ সূচনা কৰিছে। বিৰোধী দলসমূহেও নিৰ্বাচনৰ প্ৰস্তুতি তীব্ৰতৰ কৰিছে।

মুখ্যমন্ত্ৰীয়ে কয় যে চৰকাৰে ৰাজ্যৰ প্ৰতিখন গাঁৱত পকী ৰাস্তা, বিদ্যুৎ আৰু খোৱাপানীৰ সুবিধা নিশ্চিত কৰাৰ লক্ষ্যৰে কাম কৰি আছে। তেওঁ কয় যে অহা দুবছৰৰ ভিতৰত এই লক্ষ্য পূৰণ কৰা হ'ব।

কাৰ্যসূচীত বিজেপিৰ প্ৰদেশ সভাপতি, স্থানীয় বিধায়ক আৰু দলৰ জ্যেষ্ঠ নেতাসকল উপস্থিত থাকে। বিপুল সংখ্যক কৰ্মী আৰু সমৰ্থকে অনুষ্ঠানত যোগদান কৰে।
